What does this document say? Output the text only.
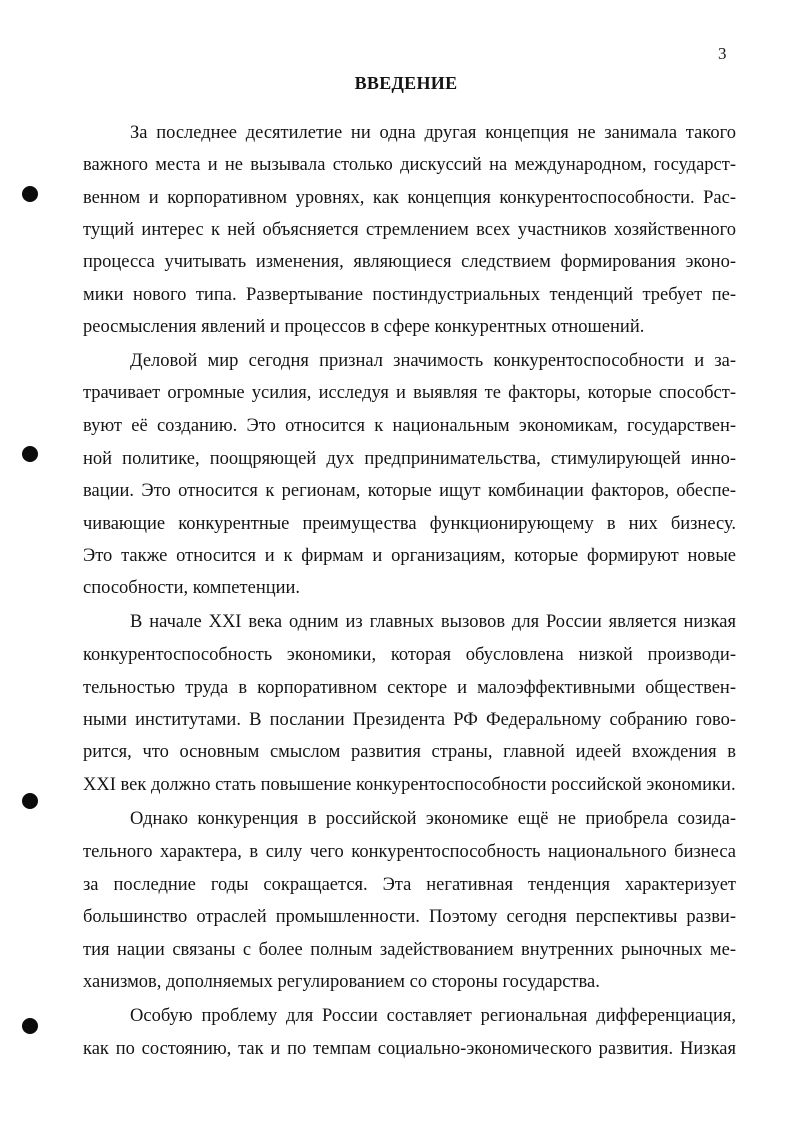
3
ВВЕДЕНИЕ
За последнее десятилетие ни одна другая концепция не занимала такого
важного места и не вызывала столько дискуссий на международном, государст-
венном и корпоративном уровнях, как концепция конкурентоспособности. Рас-
тущий интерес к ней объясняется стремлением всех участников хозяйственного
процесса учитывать изменения, являющиеся следствием формирования эконо-
мики нового типа. Развертывание постиндустриальных тенденций требует пе-
реосмысления явлений и процессов в сфере конкурентных отношений.
Деловой мир сегодня признал значимость конкурентоспособности и за-
трачивает огромные усилия, исследуя и выявляя те факторы, которые способст-
вуют её созданию. Это относится к национальным экономикам, государствен-
ной политике, поощряющей дух предпринимательства, стимулирующей инно-
вации. Это относится к регионам, которые ищут комбинации факторов, обеспе-
чивающие конкурентные преимущества функционирующему в них бизнесу.
Это также относится и к фирмам и организациям, которые формируют новые
способности, компетенции.
В начале XXI века одним из главных вызовов для России является низкая
конкурентоспособность экономики, которая обусловлена низкой производи-
тельностью труда в корпоративном секторе и малоэффективными обществен-
ными институтами. В послании Президента РФ Федеральному собранию гово-
рится, что основным смыслом развития страны, главной идеей вхождения в
XXI век должно стать повышение конкурентоспособности российской экономики.
Однако конкуренция в российской экономике ещё не приобрела созида-
тельного характера, в силу чего конкурентоспособность национального бизнеса
за последние годы сокращается. Эта негативная тенденция характеризует
большинство отраслей промышленности. Поэтому сегодня перспективы разви-
тия нации связаны с более полным задействованием внутренних рыночных ме-
ханизмов, дополняемых регулированием со стороны государства.
Особую проблему для России составляет региональная дифференциация,
как по состоянию, так и по темпам социально-экономического развития. Низкая
